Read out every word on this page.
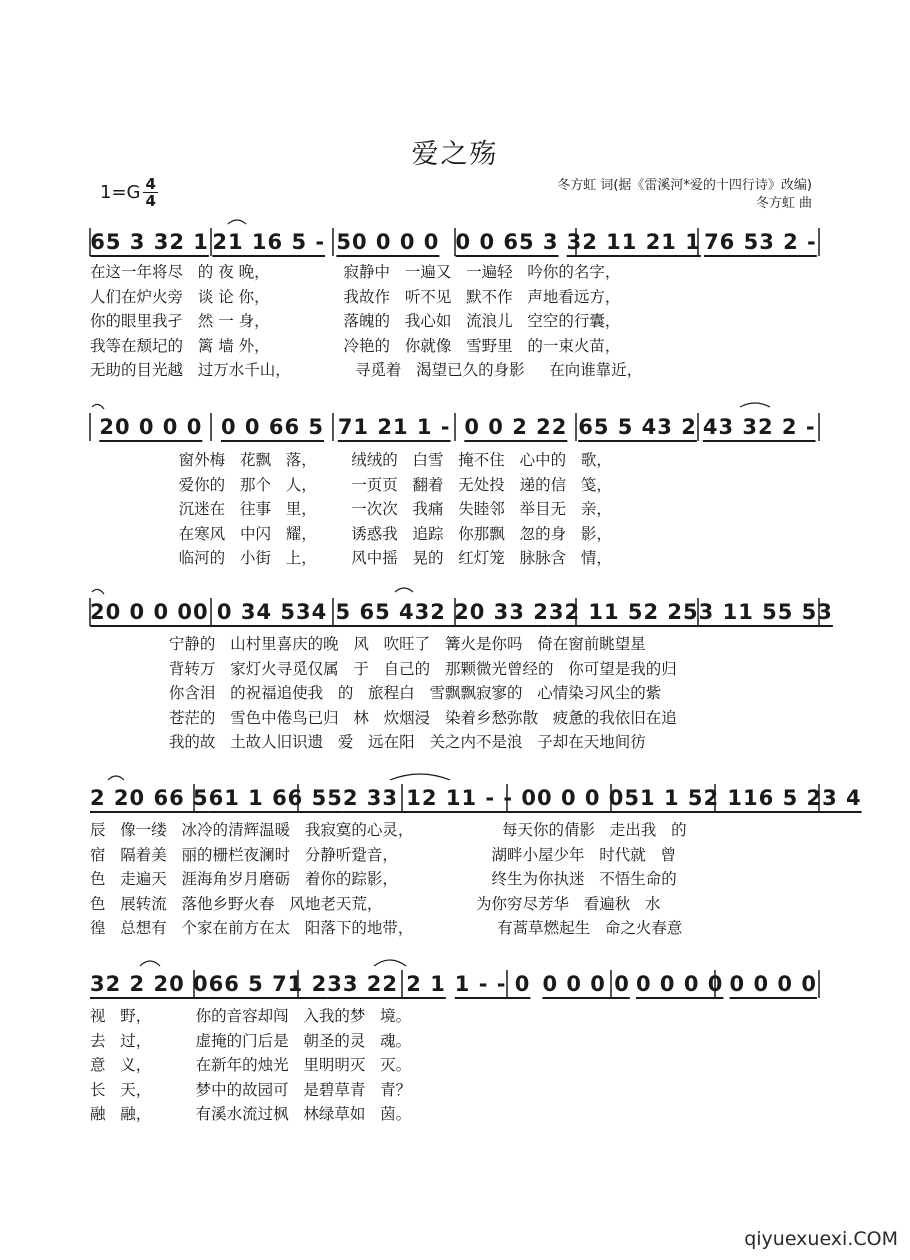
爱之殇
$1=G \frac{4}{4}$	冬方虹 词(据《雷溪河*爱的十四行诗》改编)
冬方虹 曲
65 3 32 1 21 16 5 - 50 0 0 0 0 0 65 3 32 11 21 1 76 53 2 -
在这一年将尽   的 夜 晚，               寂静中   一遍又   一遍轻   吟你的名字，
人们在炉火旁   谈 论 你，               我故作   听不见   默不作   声地看远方，
你的眼里我孑   然 一 身，               落魄的   我心如   流浪儿   空空的行囊，
我等在颓圮的   篱 墙 外，               冷艳的   你就像   雪野里   的一束火苗，
无助的目光越   过万水千山，             寻觅着   渴望已久的身影     在向谁靠近，
20 0 0 0 0 0 66 5 71 21 1 - 0 0 2 22 65 5 43 2 43 32 2 -
窗外梅   花飘   落，       绒绒的   白雪   掩不住   心中的   歌，
爱你的   那个   人，       一页页   翻着   无处投   递的信   笺，
沉迷在   往事   里，       一次次   我痛   失睦邻   举目无   亲，
在寒风   中闪   耀，       诱惑我   追踪   你那飘   忽的身   影，
临河的   小街   上，       风中摇   晃的   红灯笼   脉脉含   情，
20 0 0 0 0 0 34 5 34 5 65 43 2 20 33 2 32 11 52 2 53 11 55 53
宁静的   山村里喜庆的晚   风   吹旺了   篝火是你吗   倚在窗前眺望星
背转万   家灯火寻觅仅属   于   自己的   那颗微光曾经的   你可望是我的归
你含泪   的祝福追使我   的   旅程白   雪飘飘寂寥的   心情染习风尘的紫
苍茫的   雪色中倦鸟已归   林   炊烟浸   染着乡愁弥散   疲惫的我依旧在追
我的故   土故人旧识遗   爱   远在阳   关之内不是浪   子却在天地间彷
2 20 66 5 61 1 66 55 2 33 12 1 1 - - 0 0 0 0 0 51 1 52 1 16 5 23 4
辰   像一缕   冰冷的清辉温暖   我寂寞的心灵，                  每天你的倩影   走出我   的
宿   隔着美   丽的栅栏夜澜时   分静听跫音，                   湖畔小屋少年   时代就   曾
色   走遍天   涯海角岁月磨砺   着你的踪影，                   终生为你执迷   不悟生命的
色   展转流   落他乡野火春   风地老天荒，                   为你穷尽芳华   看遍秋   水
徨   总想有   个家在前方在太   阳落下的地带，                 有蒿草燃起生   命之火春意
32 2 20 0 66 5 71 2 33 22 2 1 1 - - 0 0 0 0 0 0 0 0 0 0 0 0 0
视   野，         你的音容却闯   入我的梦   境。
去   过，         虚掩的门后是   朝圣的灵   魂。
意   义，         在新年的烛光   里明明灭   灭。
长   天，         梦中的故园可   是碧草青   青？
融   融，         有溪水流过枫   林绿草如   茵。
qiyuexuexi.COM
